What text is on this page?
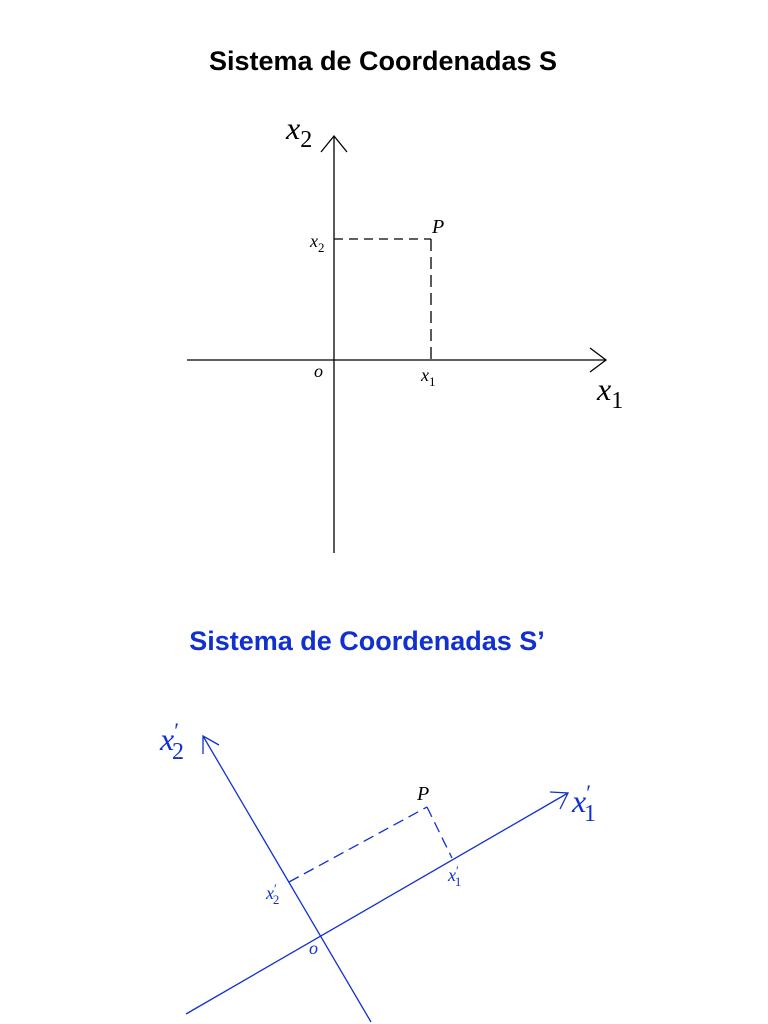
Sistema de Coordenadas S
$x_2$
$x_1$
$x_2$
$x_1$
o
P
x′ 2
x′ 1
x′ 2
x′ 1
o
P
Sistema de Coordenadas S’
